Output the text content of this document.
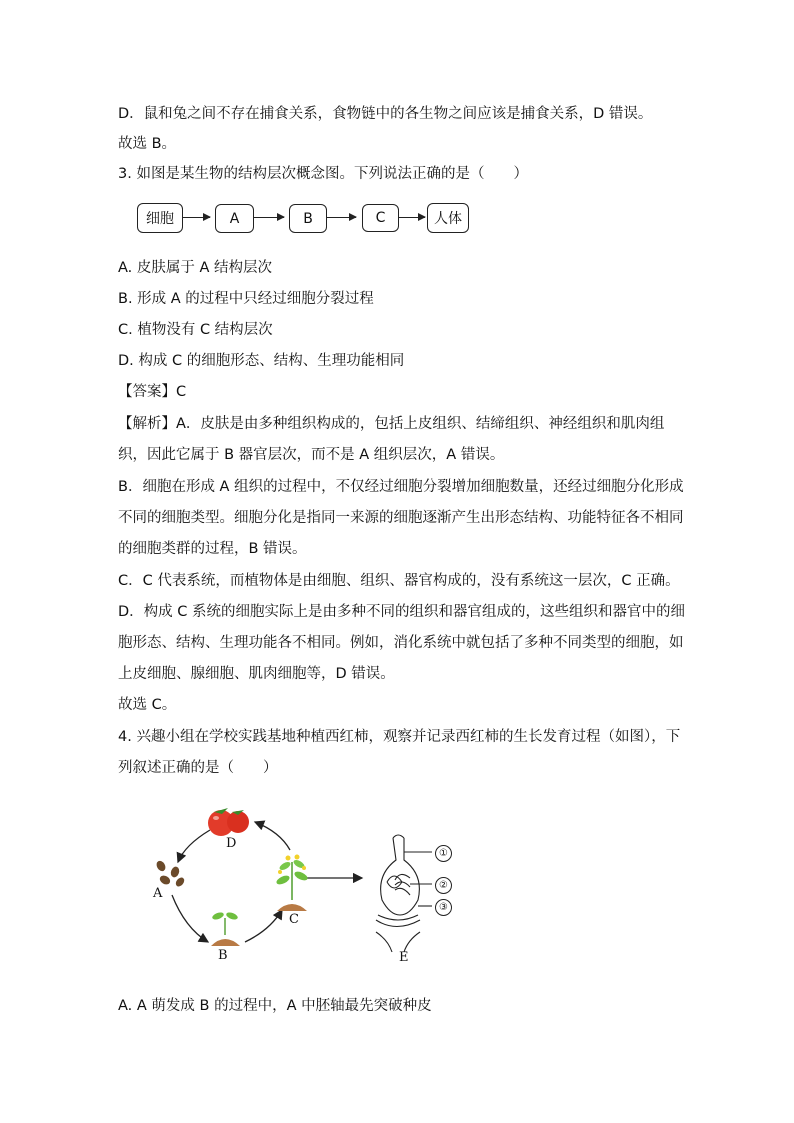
D．鼠和兔之间不存在捕食关系，食物链中的各生物之间应该是捕食关系，D 错误。
故选 B。
3. 如图是某生物的结构层次概念图。下列说法正确的是（　　）
细胞	A	B	C	人体
A. 皮肤属于 A 结构层次
B. 形成 A 的过程中只经过细胞分裂过程
C. 植物没有 C 结构层次
D. 构成 C 的细胞形态、结构、生理功能相同
【答案】C
【解析】A．皮肤是由多种组织构成的，包括上皮组织、结缔组织、神经组织和肌肉组
织，因此它属于 B 器官层次，而不是 A 组织层次，A 错误。
B．细胞在形成 A 组织的过程中，不仅经过细胞分裂增加细胞数量，还经过细胞分化形成
不同的细胞类型。细胞分化是指同一来源的细胞逐渐产生出形态结构、功能特征各不相同
的细胞类群的过程，B 错误。
C．C 代表系统，而植物体是由细胞、组织、器官构成的，没有系统这一层次，C 正确。
D．构成 C 系统的细胞实际上是由多种不同的组织和器官组成的，这些组织和器官中的细
胞形态、结构、生理功能各不相同。例如，消化系统中就包括了多种不同类型的细胞，如
上皮细胞、腺细胞、肌肉细胞等，D 错误。
故选 C。
4. 兴趣小组在学校实践基地种植西红柿，观察并记录西红柿的生长发育过程（如图），下
列叙述正确的是（　　）
D
A
B
C
E
①
②
③
A. A 萌发成 B 的过程中，A 中胚轴最先突破种皮
